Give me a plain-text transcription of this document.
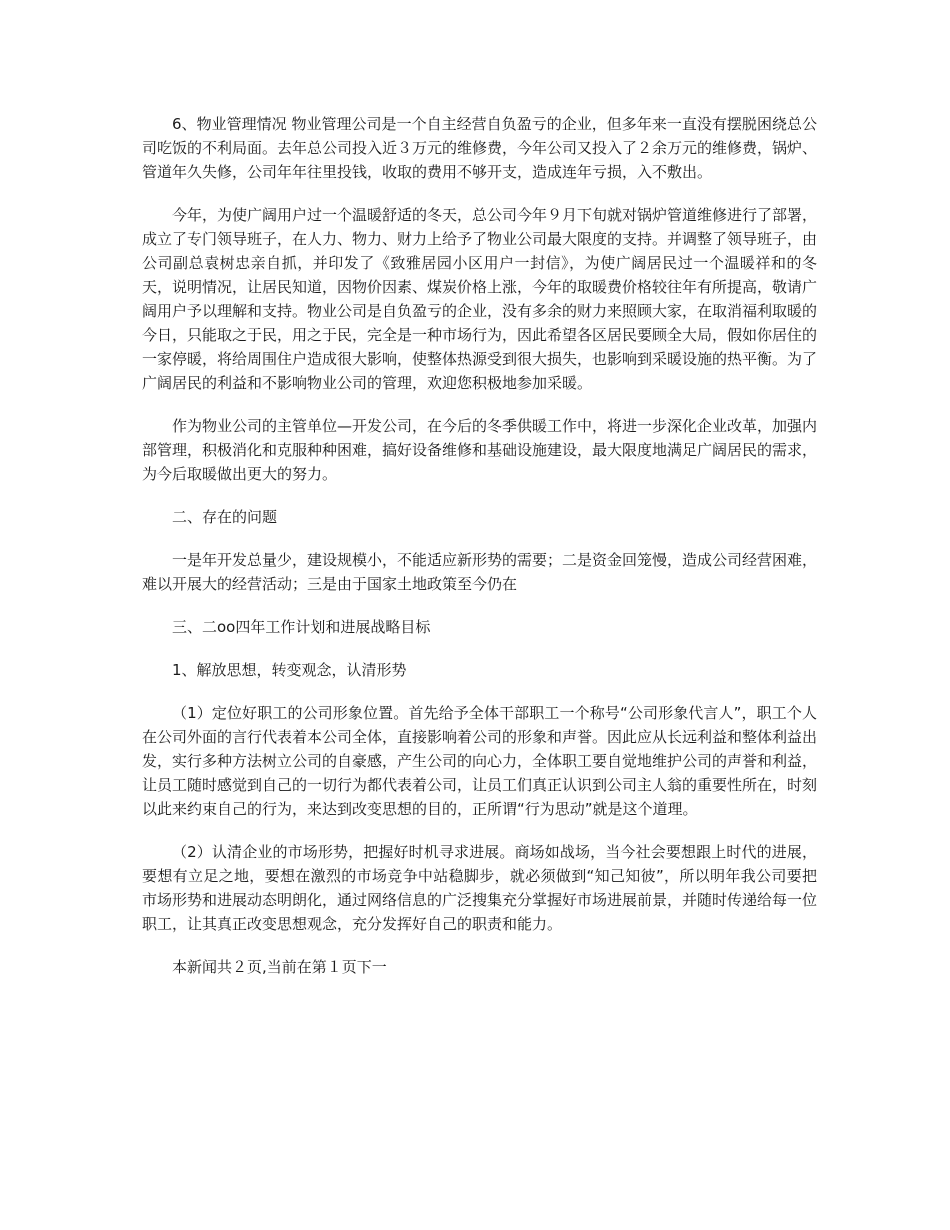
6、物业管理情况 物业管理公司是一个自主经营自负盈亏的企业，但多年来一直没有摆脱困绕总公司吃饭的不利局面。去年总公司投入近３万元的维修费，今年公司又投入了２余万元的维修费，锅炉、管道年久失修，公司年年往里投钱，收取的费用不够开支，造成连年亏损，入不敷出。

今年，为使广阔用户过一个温暖舒适的冬天，总公司今年９月下旬就对锅炉管道维修进行了部署，成立了专门领导班子，在人力、物力、财力上给予了物业公司最大限度的支持。并调整了领导班子，由公司副总袁树忠亲自抓，并印发了《致雅居园小区用户一封信》，为使广阔居民过一个温暖祥和的冬天，说明情况，让居民知道，因物价因素、煤炭价格上涨，今年的取暖费价格较往年有所提高，敬请广阔用户予以理解和支持。物业公司是自负盈亏的企业，没有多余的财力来照顾大家，在取消福利取暖的今日，只能取之于民，用之于民，完全是一种市场行为，因此希望各区居民要顾全大局，假如你居住的一家停暖，将给周围住户造成很大影响，使整体热源受到很大损失，也影响到采暖设施的热平衡。为了广阔居民的利益和不影响物业公司的管理，欢迎您积极地参加采暖。

作为物业公司的主管单位—开发公司，在今后的冬季供暖工作中，将进一步深化企业改革，加强内部管理，积极消化和克服种种困难，搞好设备维修和基础设施建设，最大限度地满足广阔居民的需求，为今后取暖做出更大的努力。

二、存在的问题

一是年开发总量少，建设规模小，不能适应新形势的需要；二是资金回笼慢，造成公司经营困难，难以开展大的经营活动；三是由于国家土地政策至今仍在

三、二oo四年工作计划和进展战略目标

1、解放思想，转变观念，认清形势

（1）定位好职工的公司形象位置。首先给予全体干部职工一个称号“公司形象代言人”，职工个人在公司外面的言行代表着本公司全体，直接影响着公司的形象和声誉。因此应从长远利益和整体利益出发，实行多种方法树立公司的自豪感，产生公司的向心力，全体职工要自觉地维护公司的声誉和利益，让员工随时感觉到自己的一切行为都代表着公司，让员工们真正认识到公司主人翁的重要性所在，时刻以此来约束自己的行为，来达到改变思想的目的，正所谓“行为思动”就是这个道理。

（2）认清企业的市场形势，把握好时机寻求进展。商场如战场，当今社会要想跟上时代的进展，要想有立足之地，要想在激烈的市场竞争中站稳脚步，就必须做到“知己知彼”，所以明年我公司要把市场形势和进展动态明朗化，通过网络信息的广泛搜集充分掌握好市场进展前景，并随时传递给每一位职工，让其真正改变思想观念，充分发挥好自己的职责和能力。

本新闻共２页,当前在第１页下一
